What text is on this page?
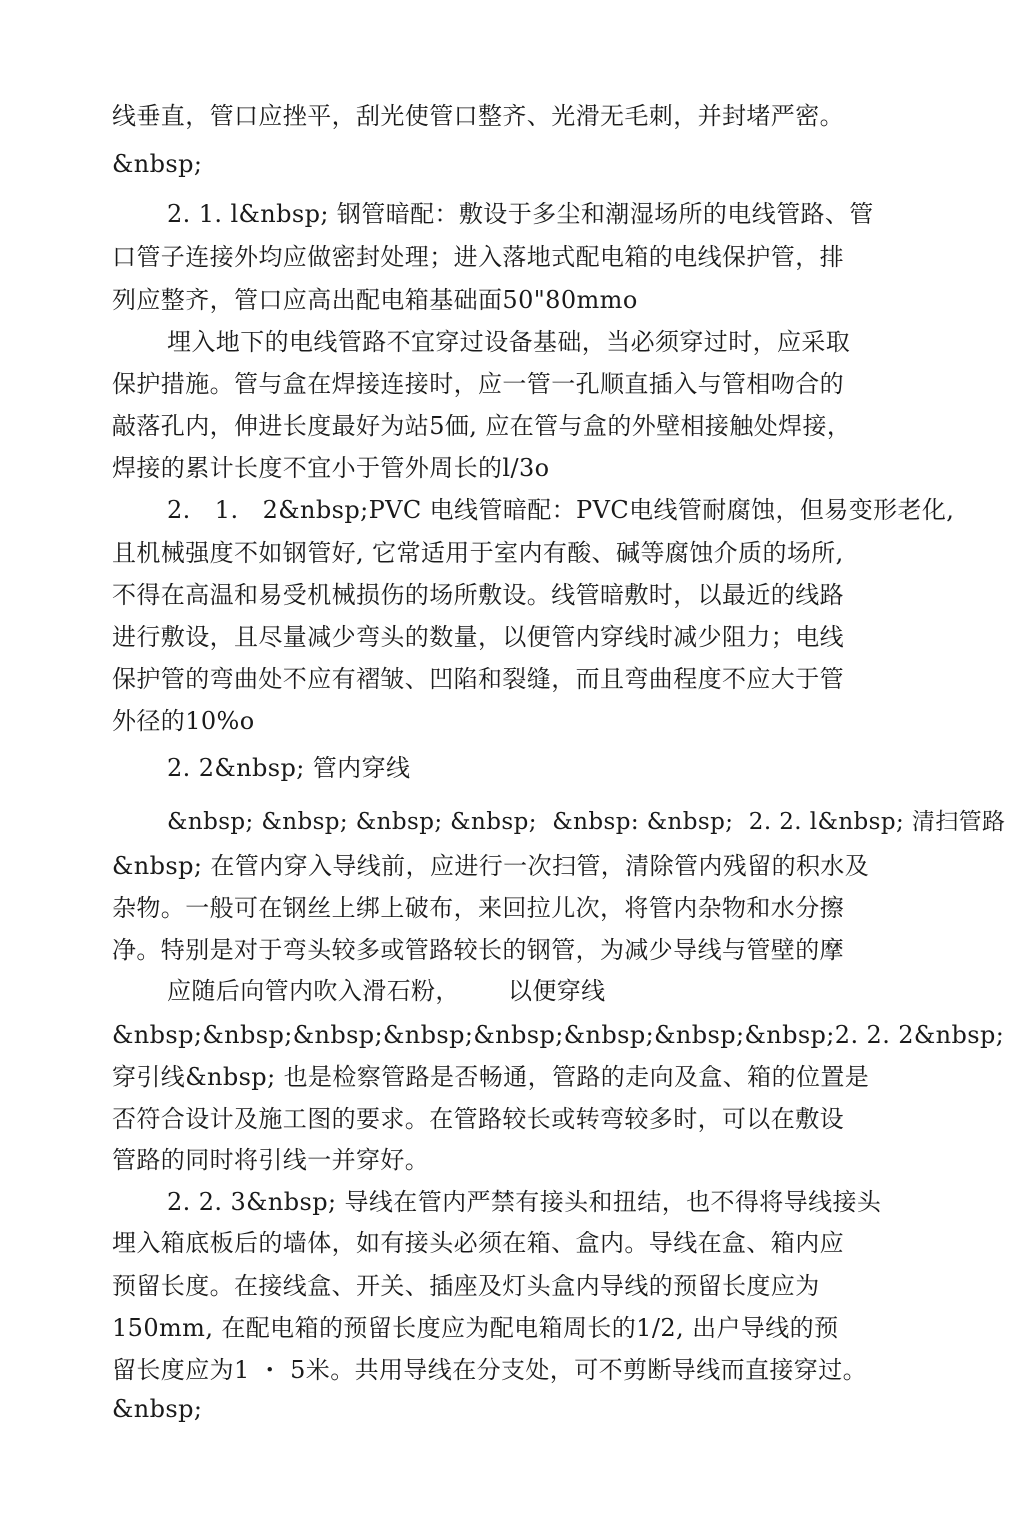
线垂直，管口应挫平，刮光使管口整齐、光滑无毛刺，并封堵严密。
&nbsp;
2. 1. l&nbsp; 钢管暗配：敷设于多尘和潮湿场所的电线管路、管
口管子连接外均应做密封处理；进入落地式配电箱的电线保护管，排
列应整齐，管口应高出配电箱基础面50"80mmo
埋入地下的电线管路不宜穿过设备基础，当必须穿过时，应采取
保护措施。管与盒在焊接连接时，应一管一孔顺直插入与管相吻合的
敲落孔内，伸进长度最好为站5価, 应在管与盒的外壁相接触处焊接，
焊接的累计长度不宜小于管外周长的l/3o
2.   1.   2&nbsp;PVC 电线管暗配：PVC电线管耐腐蚀，但易变形老化,
且机械强度不如钢管好, 它常适用于室内有酸、碱等腐蚀介质的场所,
不得在高温和易受机械损伤的场所敷设。线管暗敷时，以最近的线路
进行敷设，且尽量减少弯头的数量，以便管内穿线时减少阻力；电线
保护管的弯曲处不应有褶皱、凹陷和裂缝，而且弯曲程度不应大于管
外径的10%o
2. 2&nbsp; 管内穿线
&nbsp; &nbsp; &nbsp; &nbsp;  &nbsp: &nbsp;  2. 2. l&nbsp; 清扫管路
&nbsp; 在管内穿入导线前，应进行一次扫管，清除管内残留的积水及
杂物。一般可在钢丝上绑上破布，来回拉儿次，将管内杂物和水分擦
净。特别是对于弯头较多或管路较长的钢管，为减少导线与管壁的摩
应随后向管内吹入滑石粉，      以便穿线
&nbsp;&nbsp;&nbsp;&nbsp;&nbsp;&nbsp;&nbsp;&nbsp;2. 2. 2&nbsp;
穿引线&nbsp; 也是检察管路是否畅通，管路的走向及盒、箱的位置是
否符合设计及施工图的要求。在管路较长或转弯较多时，可以在敷设
管路的同时将引线一并穿好。
2. 2. 3&nbsp; 导线在管内严禁有接头和扭结，也不得将导线接头
埋入箱底板后的墙体，如有接头必须在箱、盒内。导线在盒、箱内应
预留长度。在接线盒、开关、插座及灯头盒内导线的预留长度应为
150mm, 在配电箱的预留长度应为配电箱周长的1/2, 出户导线的预
留长度应为1 ・ 5米。共用导线在分支处，可不剪断导线而直接穿过。
&nbsp;
